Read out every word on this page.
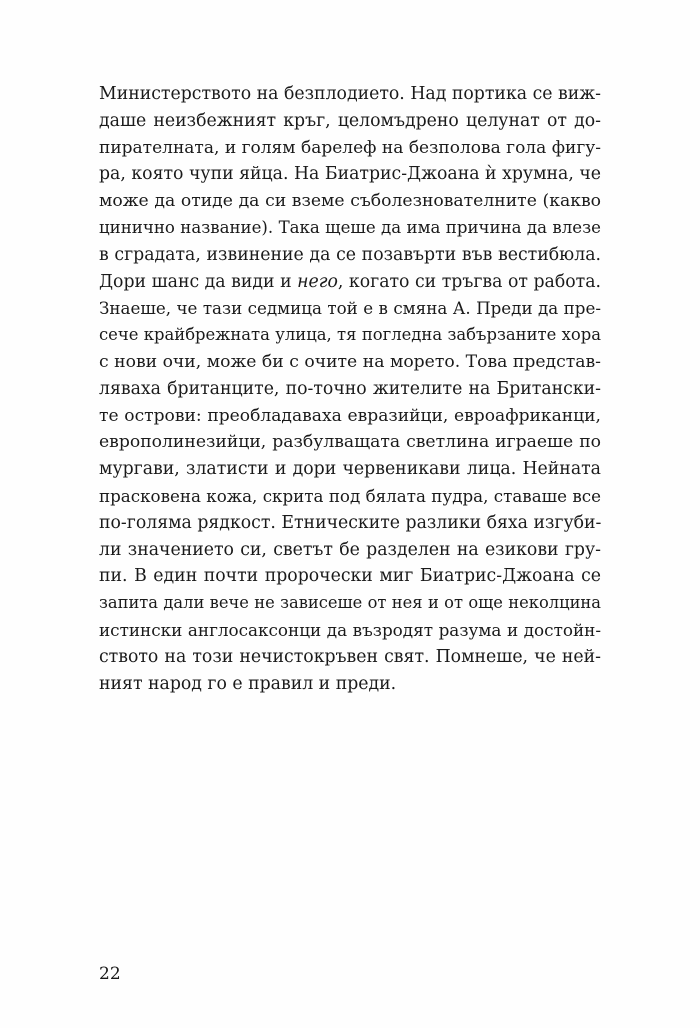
Министерството на безплодието. Над портика се виж-
даше неизбежният кръг, целомъдрено целунат от до-
пирателната, и голям барелеф на безполова гола фигу-
ра, която чупи яйца. На Биатрис-Джоана ѝ хрумна, че
може да отиде да си вземе съболезнователните (какво
цинично название). Така щеше да има причина да влезе
в сградата, извинение да се позавърти във вестибюла.
Дори шанс да види и него, когато си тръгва от работа.
Знаеше, че тази седмица той е в смяна А. Преди да пре-
сече крайбрежната улица, тя погледна забързаните хора
с нови очи, може би с очите на морето. Това представ-
ляваха британците, по-точно жителите на Британски-
те острови: преобладаваха евразийци, евроафриканци,
европолинезийци, разбулващата светлина играеше по
мургави, златисти и дори червеникави лица. Нейната
прасковена кожа, скрита под бялата пудра, ставаше все
по-голяма рядкост. Етническите разлики бяха изгуби-
ли значението си, светът бе разделен на езикови гру-
пи. В един почти пророчески миг Биатрис-Джоана се
запита дали вече не зависеше от нея и от още неколцина
истински англосаксонци да възродят разума и достойн-
ството на този нечистокръвен свят. Помнеше, че ней-
ният народ го е правил и преди.
22
